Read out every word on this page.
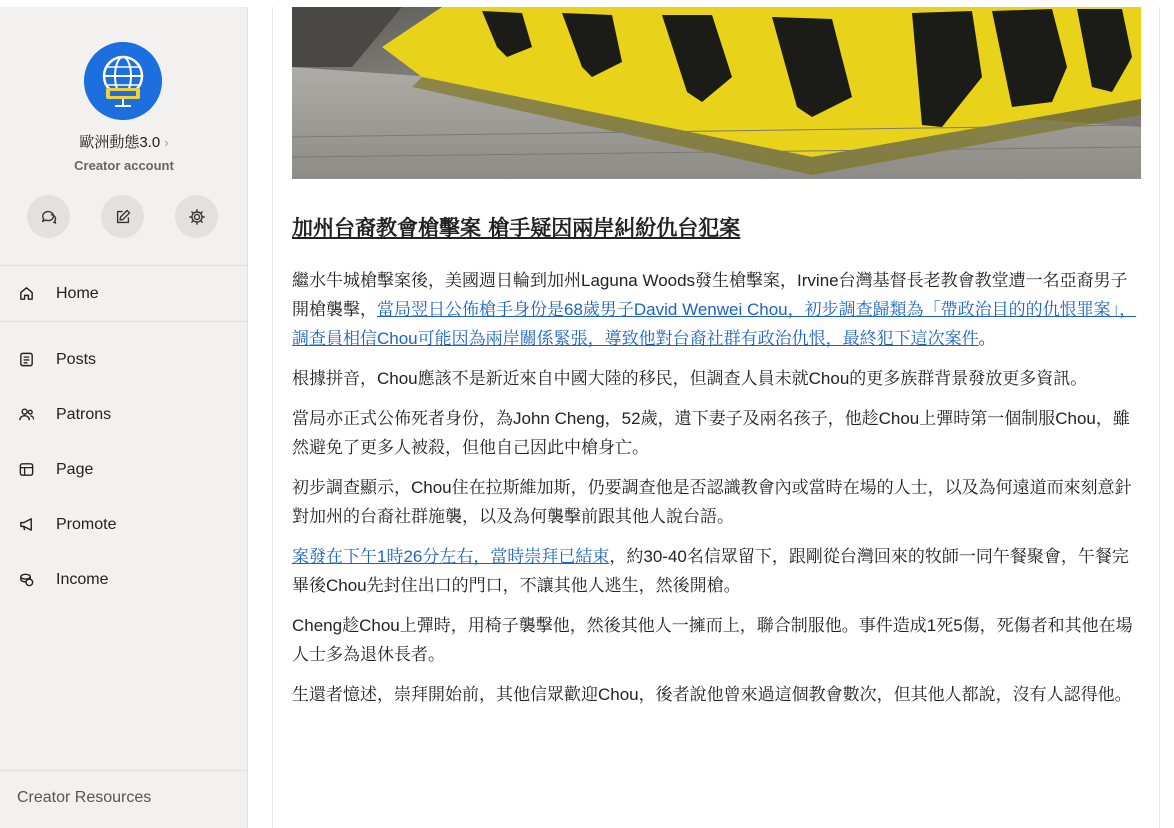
歐洲動態3.0 ›
Creator account
Home
Posts
Patrons
Page
Promote
Income
Creator Resources
加州台裔教會槍擊案 槍手疑因兩岸糾紛仇台犯案

繼水牛城槍擊案後，美國週日輪到加州Laguna Woods發生槍擊案，Irvine台灣基督長老教會教堂遭一名亞裔男子開槍襲擊，當局翌日公佈槍手身份是68歲男子David Wenwei Chou，初步調查歸類為「帶政治目的的仇恨罪案」，調查員相信Chou可能因為兩岸關係緊張，導致他對台裔社群有政治仇恨，最終犯下這次案件。

根據拼音，Chou應該不是新近來自中國大陸的移民，但調查人員未就Chou的更多族群背景發放更多資訊。

當局亦正式公佈死者身份，為John Cheng，52歲，遺下妻子及兩名孩子，他趁Chou上彈時第一個制服Chou，雖然避免了更多人被殺，但他自己因此中槍身亡。

初步調查顯示，Chou住在拉斯維加斯，仍要調查他是否認識教會內或當時在場的人士，以及為何遠道而來刻意針對加州的台裔社群施襲，以及為何襲擊前跟其他人說台語。

案發在下午1時26分左右，當時崇拜已結束，約30-40名信眾留下，跟剛從台灣回來的牧師一同午餐聚會，午餐完畢後Chou先封住出口的門口，不讓其他人逃生，然後開槍。

Cheng趁Chou上彈時，用椅子襲擊他，然後其他人一擁而上，聯合制服他。事件造成1死5傷，死傷者和其他在場人士多為退休長者。

生還者憶述，崇拜開始前，其他信眾歡迎Chou，後者說他曾來過這個教會數次，但其他人都說，沒有人認得他。
